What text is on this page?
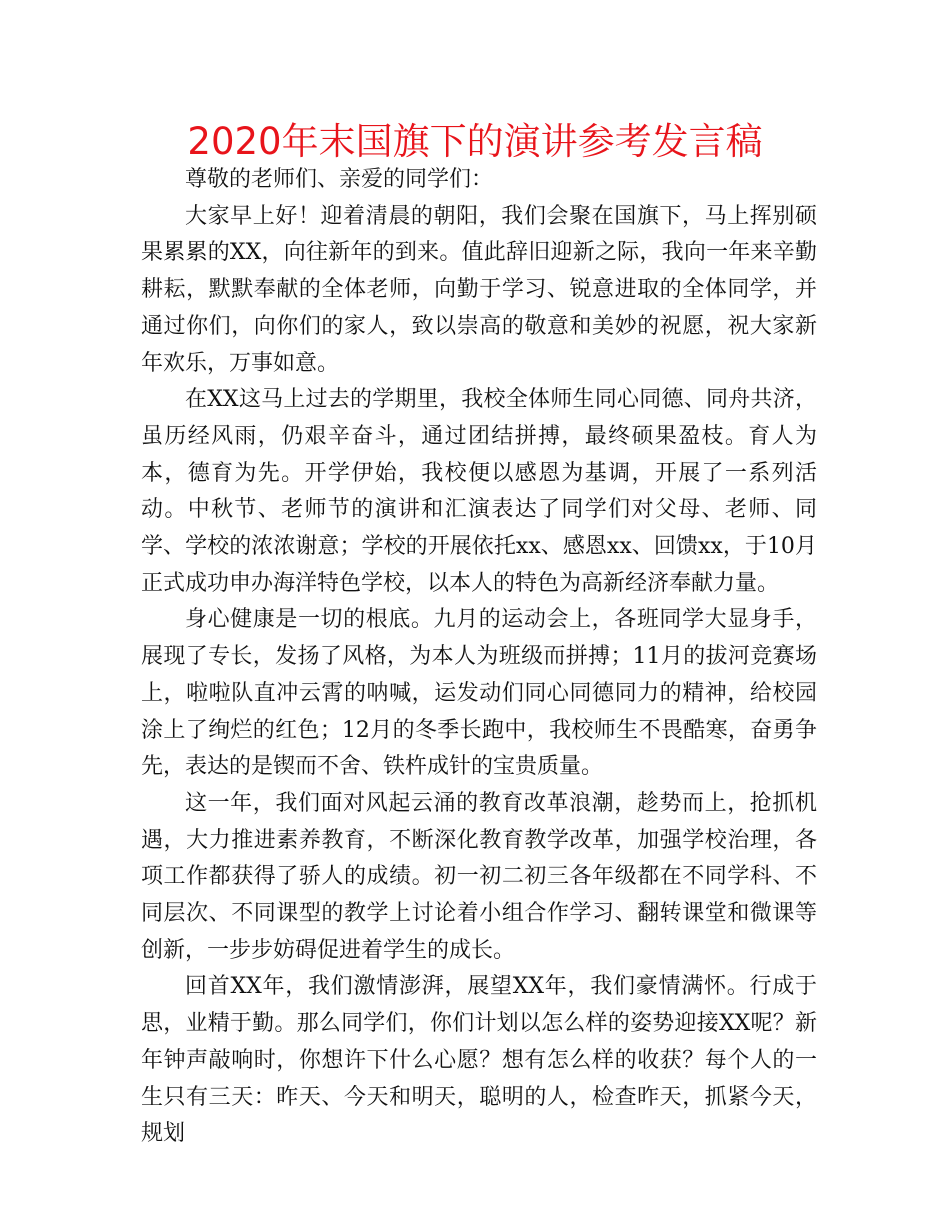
2020年末国旗下的演讲参考发言稿

尊敬的老师们、亲爱的同学们：

大家早上好！迎着清晨的朝阳，我们会聚在国旗下，马上挥别硕果累累的XX，向往新年的到来。值此辞旧迎新之际，我向一年来辛勤耕耘，默默奉献的全体老师，向勤于学习、锐意进取的全体同学，并通过你们，向你们的家人，致以崇高的敬意和美妙的祝愿，祝大家新年欢乐，万事如意。

在XX这马上过去的学期里，我校全体师生同心同德、同舟共济，虽历经风雨，仍艰辛奋斗，通过团结拼搏，最终硕果盈枝。育人为本，德育为先。开学伊始，我校便以感恩为基调，开展了一系列活动。中秋节、老师节的演讲和汇演表达了同学们对父母、老师、同学、学校的浓浓谢意；学校的开展依托xx、感恩xx、回馈xx，于10月正式成功申办海洋特色学校，以本人的特色为高新经济奉献力量。

身心健康是一切的根底。九月的运动会上，各班同学大显身手，展现了专长，发扬了风格，为本人为班级而拼搏；11月的拔河竞赛场上，啦啦队直冲云霄的呐喊，运发动们同心同德同力的精神，给校园涂上了绚烂的红色；12月的冬季长跑中，我校师生不畏酷寒，奋勇争先，表达的是锲而不舍、铁杵成针的宝贵质量。

这一年，我们面对风起云涌的教育改革浪潮，趁势而上，抢抓机遇，大力推进素养教育，不断深化教育教学改革，加强学校治理，各项工作都获得了骄人的成绩。初一初二初三各年级都在不同学科、不同层次、不同课型的教学上讨论着小组合作学习、翻转课堂和微课等创新，一步步妨碍促进着学生的成长。

回首XX年，我们激情澎湃，展望XX年，我们豪情满怀。行成于思，业精于勤。那么同学们，你们计划以怎么样的姿势迎接XX呢？新年钟声敲响时，你想许下什么心愿？想有怎么样的收获？每个人的一生只有三天：昨天、今天和明天，聪明的人，检查昨天，抓紧今天，规划
